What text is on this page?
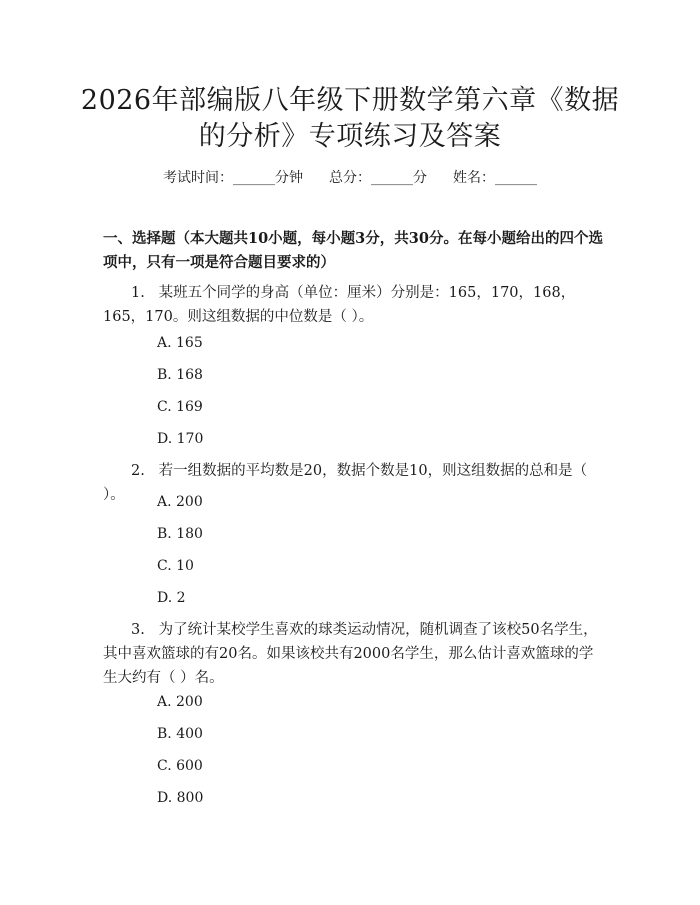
2026年部编版八年级下册数学第六章《数据
的分析》专项练习及答案
考试时间：______分钟 总分：______分 姓名：______

一、选择题（本大题共10小题，每小题3分，共30分。在每小题给出的四个选项中，只有一项是符合题目要求的）

1. 某班五个同学的身高（单位：厘米）分别是：165，170，168，165，170。则这组数据的中位数是（ ）。

A. 165
B. 168
C. 169
D. 170

2. 若一组数据的平均数是20，数据个数是10，则这组数据的总和是（ ）。	A. 200
B. 180
C. 10
D. 2

3. 为了统计某校学生喜欢的球类运动情况，随机调查了该校50名学生，其中喜欢篮球的有20名。如果该校共有2000名学生，那么估计喜欢篮球的学生大约有（ ）名。

A. 200
B. 400
C. 600
D. 800
